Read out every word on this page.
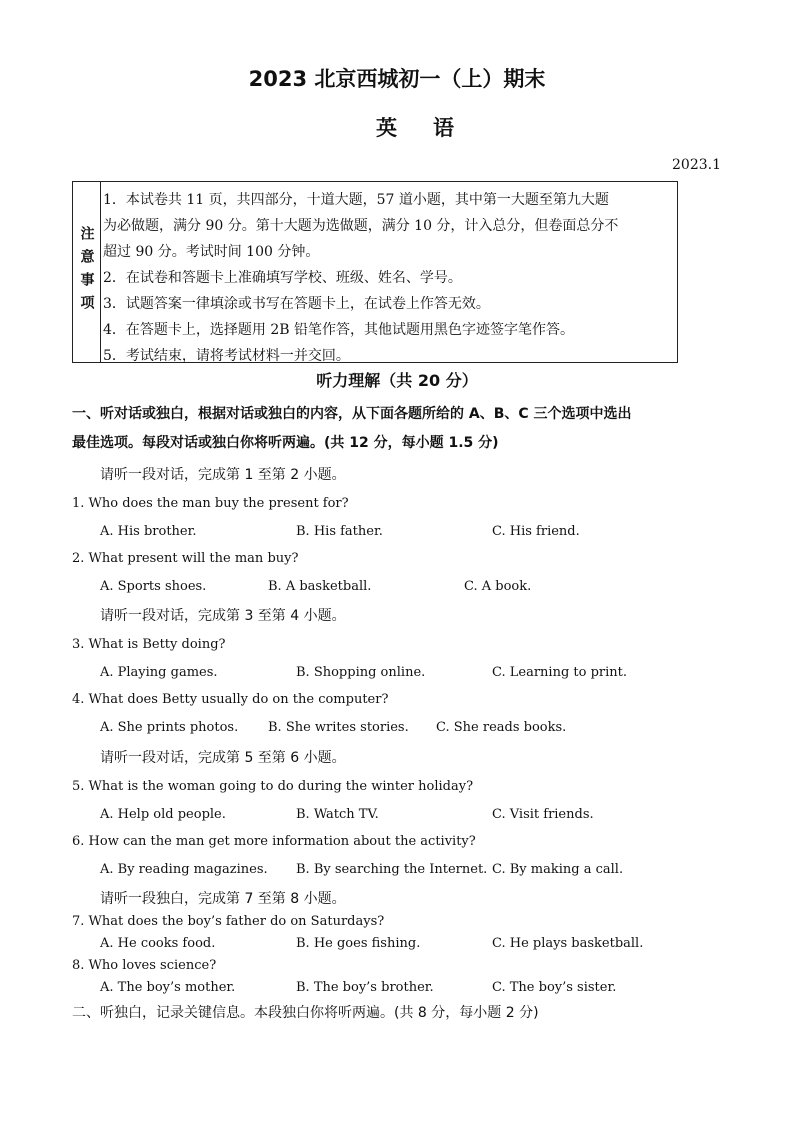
2023 北京西城初一（上）期末
英语
2023.1
注意事项
1．本试卷共 11 页，共四部分，十道大题，57 道小题，其中第一大题至第九大题
为必做题，满分 90 分。第十大题为选做题，满分 10 分，计入总分，但卷面总分不
超过 90 分。考试时间 100 分钟。
2．在试卷和答题卡上准确填写学校、班级、姓名、学号。
3．试题答案一律填涂或书写在答题卡上，在试卷上作答无效。
4．在答题卡上，选择题用 2B 铅笔作答，其他试题用黑色字迹签字笔作答。
5．考试结束，请将考试材料一并交回。
听力理解（共 20 分）
一、听对话或独白，根据对话或独白的内容，从下面各题所给的 A、B、C 三个选项中选出
最佳选项。每段对话或独白你将听两遍。(共 12 分，每小题 1.5 分)
请听一段对话，完成第 1 至第 2 小题。
1. Who does the man buy the present for?
A. His brother.	B. His father.	C. His friend.
2. What present will the man buy?
A. Sports shoes.	B. A basketball.	C. A book.
请听一段对话，完成第 3 至第 4 小题。
3. What is Betty doing?
A. Playing games.	B. Shopping online.	C. Learning to print.
4. What does Betty usually do on the computer?
A. She prints photos. B. She writes stories. C. She reads books.
请听一段对话，完成第 5 至第 6 小题。
5. What is the woman going to do during the winter holiday?
A. Help old people.	B. Watch TV.	C. Visit friends.
6. How can the man get more information about the activity?
A. By reading magazines. B. By searching the Internet. C. By making a call.
请听一段独白，完成第 7 至第 8 小题。
7. What does the boy’s father do on Saturdays?
A. He cooks food.	B. He goes fishing.	C. He plays basketball.
8. Who loves science?
A. The boy’s mother.	B. The boy’s brother.	C. The boy’s sister.
二、听独白，记录关键信息。本段独白你将听两遍。(共 8 分，每小题 2 分)
